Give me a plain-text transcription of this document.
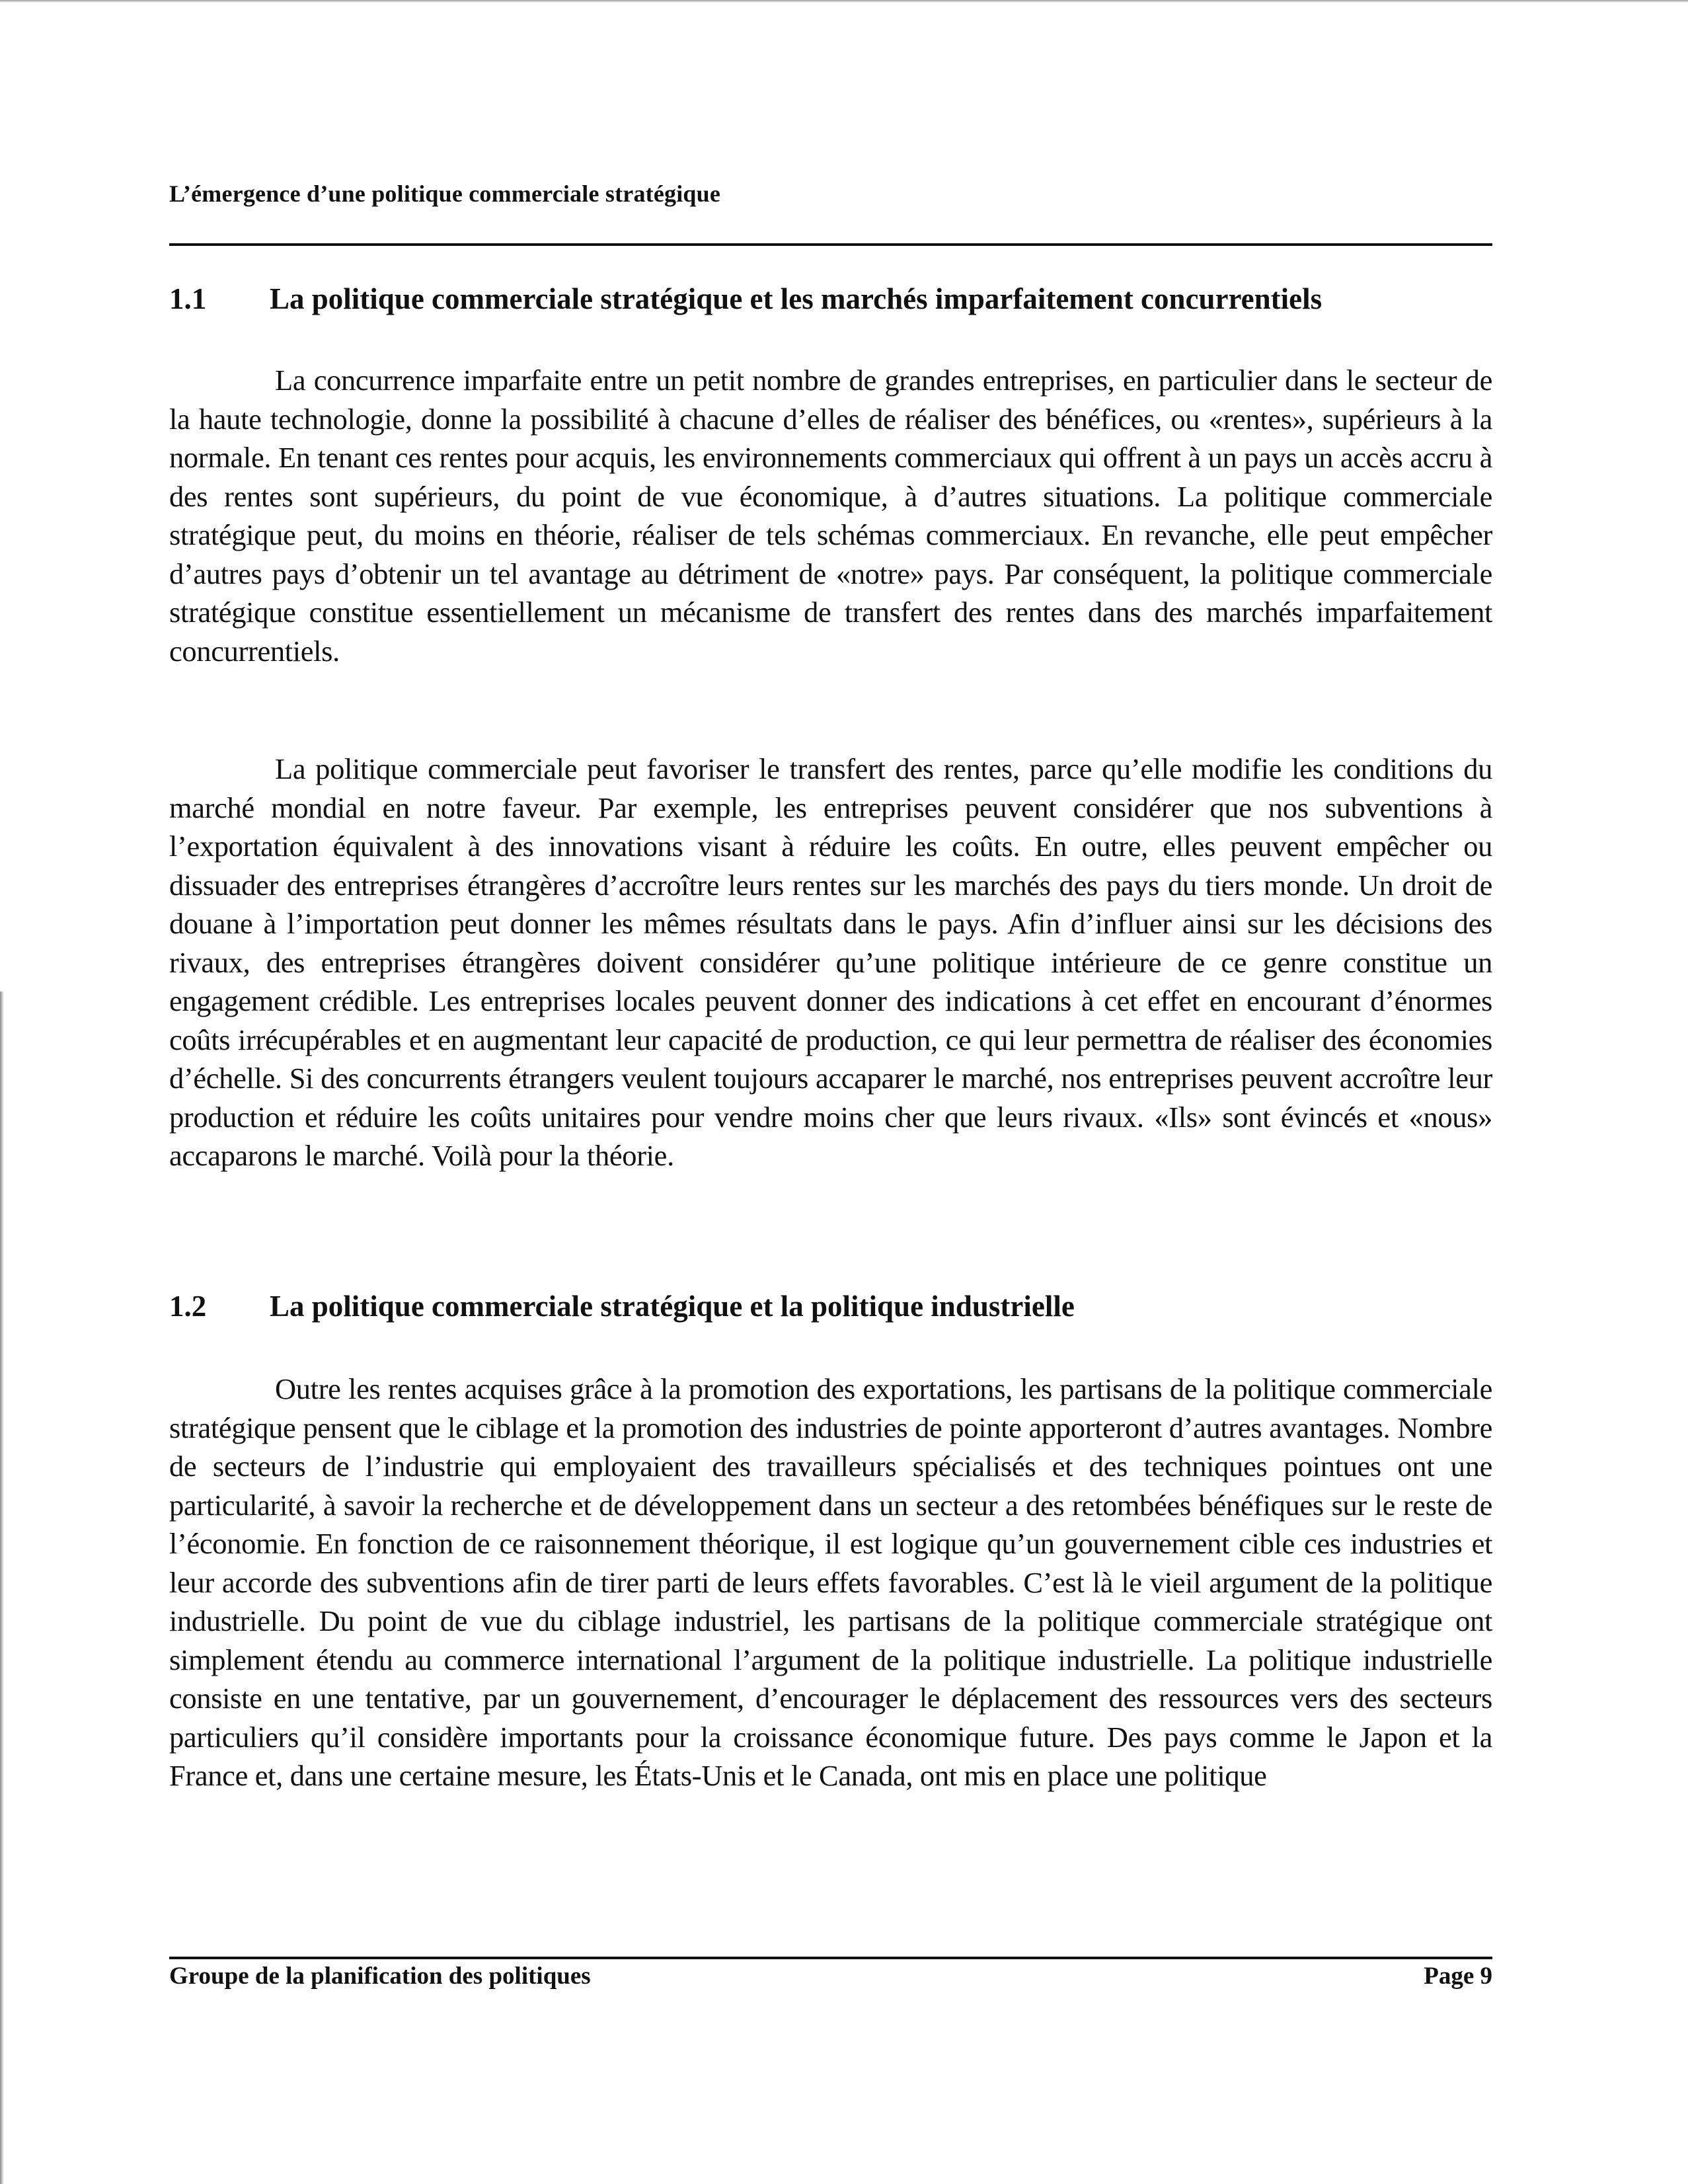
L’émergence d’une politique commerciale stratégique
1.1 La politique commerciale stratégique et les marchés imparfaitement concurrentiels

La concurrence imparfaite entre un petit nombre de grandes entreprises, en particulier dans le secteur de la haute technologie, donne la possibilité à chacune d’elles de réaliser des bénéfices, ou «rentes», supérieurs à la normale. En tenant ces rentes pour acquis, les environnements commerciaux qui offrent à un pays un accès accru à des rentes sont supérieurs, du point de vue économique, à d’autres situations. La politique commerciale stratégique peut, du moins en théorie, réaliser de tels schémas commerciaux. En revanche, elle peut empêcher d’autres pays d’obtenir un tel avantage au détriment de «notre» pays. Par conséquent, la politique commerciale stratégique constitue essentiellement un mécanisme de transfert des rentes dans des marchés imparfaitement concurrentiels.

La politique commerciale peut favoriser le transfert des rentes, parce qu’elle modifie les conditions du marché mondial en notre faveur. Par exemple, les entreprises peuvent considérer que nos subventions à l’exportation équivalent à des innovations visant à réduire les coûts. En outre, elles peuvent empêcher ou dissuader des entreprises étrangères d’accroître leurs rentes sur les marchés des pays du tiers monde. Un droit de douane à l’importation peut donner les mêmes résultats dans le pays. Afin d’influer ainsi sur les décisions des rivaux, des entreprises étrangères doivent considérer qu’une politique intérieure de ce genre constitue un engagement crédible. Les entreprises locales peuvent donner des indications à cet effet en encourant d’énormes coûts irrécupérables et en augmentant leur capacité de production, ce qui leur permettra de réaliser des économies d’échelle. Si des concurrents étrangers veulent toujours accaparer le marché, nos entreprises peuvent accroître leur production et réduire les coûts unitaires pour vendre moins cher que leurs rivaux. «Ils» sont évincés et «nous» accaparons le marché. Voilà pour la théorie.

1.2 La politique commerciale stratégique et la politique industrielle

Outre les rentes acquises grâce à la promotion des exportations, les partisans de la politique commerciale stratégique pensent que le ciblage et la promotion des industries de pointe apporteront d’autres avantages. Nombre de secteurs de l’industrie qui employaient des travailleurs spécialisés et des techniques pointues ont une particularité, à savoir la recherche et de développement dans un secteur a des retombées bénéfiques sur le reste de l’économie. En fonction de ce raisonnement théorique, il est logique qu’un gouvernement cible ces industries et leur accorde des subventions afin de tirer parti de leurs effets favorables. C’est là le vieil argument de la politique industrielle. Du point de vue du ciblage industriel, les partisans de la politique commerciale stratégique ont simplement étendu au commerce international l’argument de la politique industrielle. La politique industrielle consiste en une tentative, par un gouvernement, d’encourager le déplacement des ressources vers des secteurs particuliers qu’il considère importants pour la croissance économique future. Des pays comme le Japon et la France et, dans une certaine mesure, les États-Unis et le Canada, ont mis en place une politique

Groupe de la planification des politiques	Page 9
